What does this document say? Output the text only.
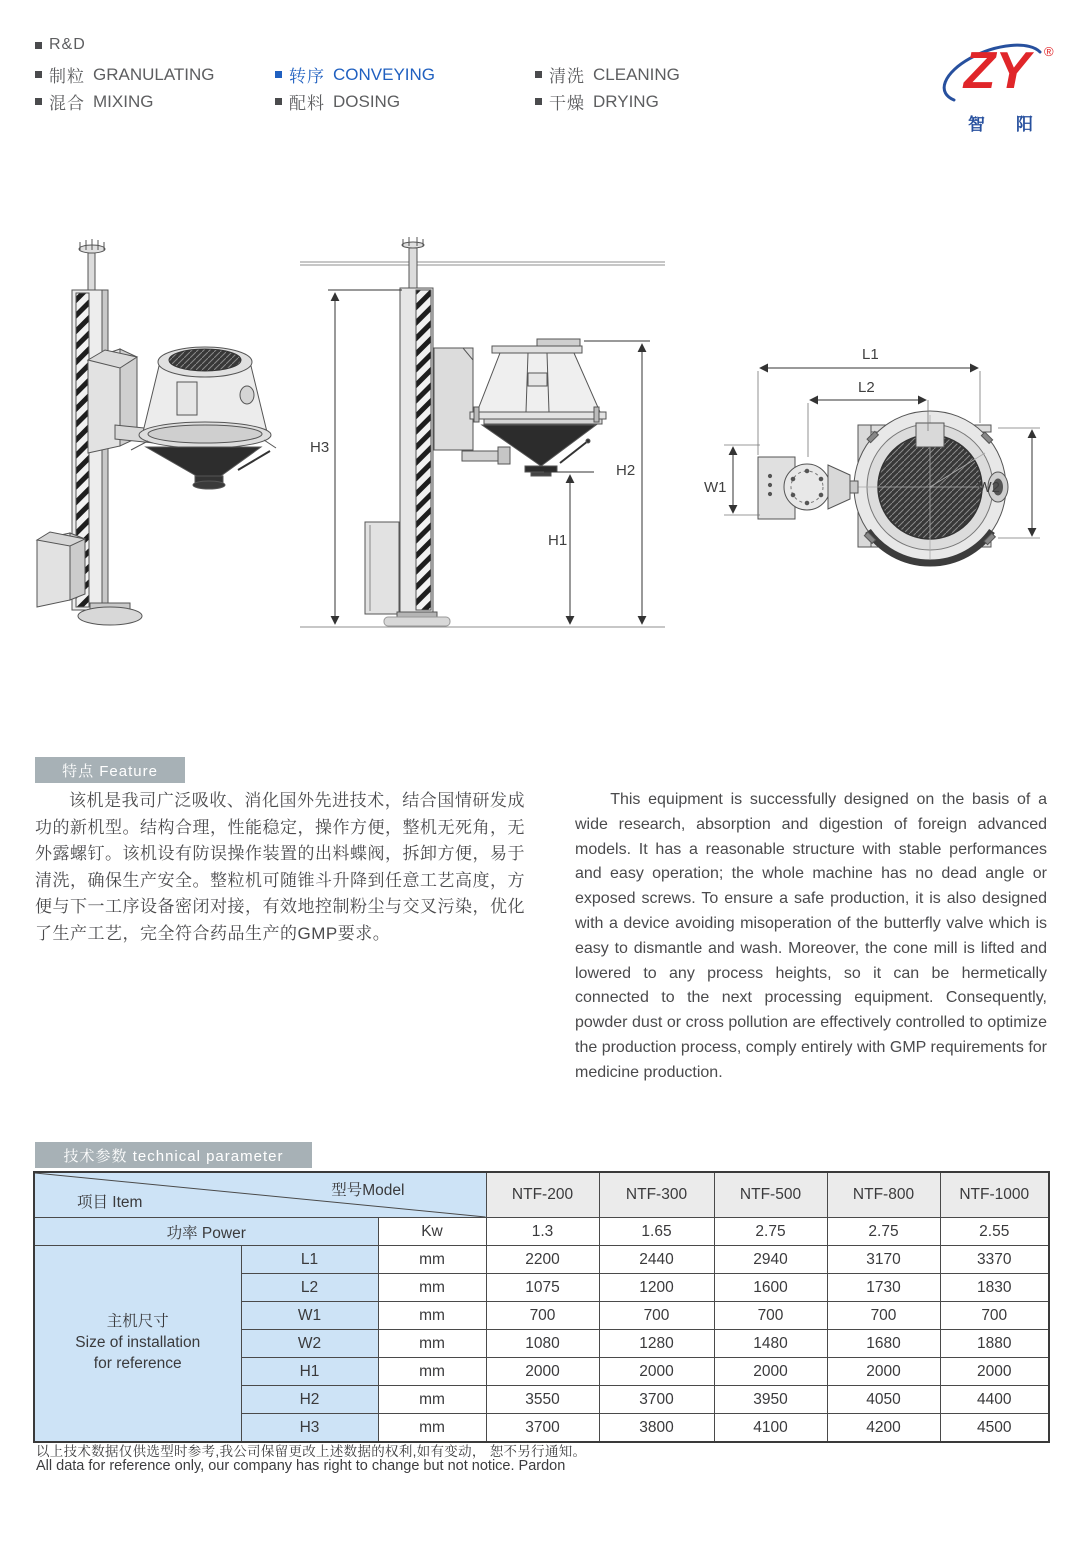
R&D
制粒 GRANULATING
混合 MIXING
转序 CONVEYING
配料 DOSING
清洗 CLEANING
干燥 DRYING
ZY	®
智 阳
H3
H1
H2
L1
L2
W1	W2
特点 Feature
该机是我司广泛吸收、消化国外先进技术，结合国情研发成功的新机型。结构合理，性能稳定，操作方便，整机无死角，无外露螺钉。该机设有防误操作装置的出料蝶阀，拆卸方便，易于清洗，确保生产安全。整粒机可随锥斗升降到任意工艺高度，方便与下一工序设备密闭对接，有效地控制粉尘与交叉污染，优化了生产工艺，完全符合药品生产的GMP要求。
This equipment is successfully designed on the basis of a wide research, absorption and digestion of foreign advanced models. It has a reasonable structure with stable performances and easy operation; the whole machine has no dead angle or exposed screws. To ensure a safe production, it is also designed with a device avoiding misoperation of the butterfly valve which is easy to dismantle and wash. Moreover, the cone mill is lifted and lowered to any process heights, so it can be hermetically connected to the next processing equipment. Consequently, powder dust or cross pollution are effectively controlled to optimize the production process, comply entirely with GMP requirements for medicine production.
技术参数 technical parameter
型号Model
项目 Item			NTF-200	NTF-300	NTF-500	NTF-800	NTF-1000
功率 Power		Kw	1.3	1.65	2.75	2.75	2.55

主机尺寸
Size of installation
for reference	L1	mm	2200	2440	2940	3170	3370
	L2	mm	1075	1200	1600	1730	1830
	W1	mm	700	700	700	700	700
	W2	mm	1080	1280	1480	1680	1880
	H1	mm	2000	2000	2000	2000	2000
	H2	mm	3550	3700	3950	4050	4400
	H3	mm	3700	3800	4100	4200	4500
以上技术数据仅供选型时参考,我公司保留更改上述数据的权利,如有变动， 恕不另行通知。
All data for reference only, our company has right to change but not notice. Pardon
